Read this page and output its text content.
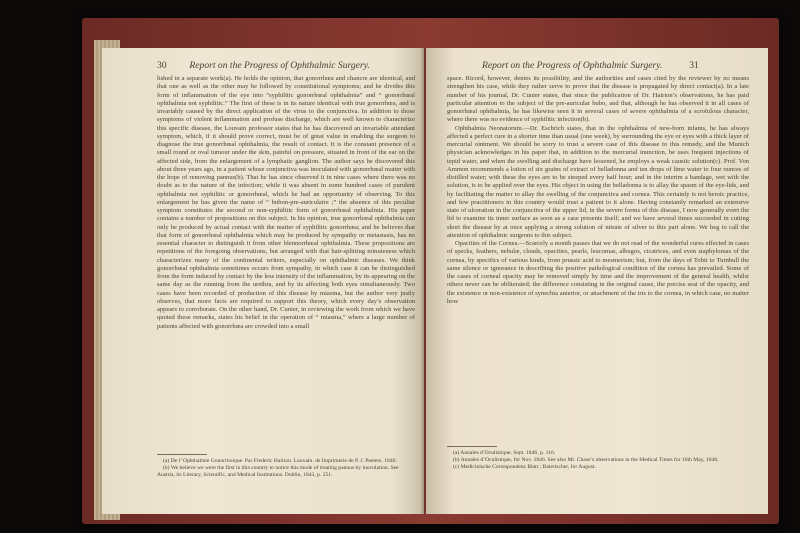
30 Report on the Progress of Ophthalmic Surgery.

lished in a separate work(a). He holds the opinion, that gonorrhœa and chancre are identical, and that one as well as the other may be followed by constitutional symptoms; and he divides this form of inflammation of the eye into “syphilitic gonorrhœal ophthalmia” and “ gonorrhœal ophthalmia not syphilitic.” The first of these is in its nature identical with true gonorrhœa, and is invariably caused by the direct application of the virus to the conjunctiva. In addition to those symptoms of violent inflammation and profuse discharge, which are well known to characterize this specific disease, the Louvain professor states that he has discovered an invariable attendant symptom, which, if it should prove correct, must be of great value in enabling the surgeon to diagnose the true gonorrhœal ophthalmia, the result of contact. It is the constant presence of a small round or oval tumour under the skin, painful on pressure, situated in front of the ear on the affected side, from the enlargement of a lymphatic ganglion. The author says he discovered this about three years ago, in a patient whose conjunctiva was inoculated with gonorrhœal matter with the hope of removing pannus(b). That he has since observed it in nine cases where there was no doubt as to the nature of the infection; while it was absent in some hundred cases of purulent ophthalmia not syphilitic or gonorrhœal, which he had an opportunity of observing. To this enlargement he has given the name of “ bubon-pre-auriculaire ;” the absence of this peculiar symptom constitutes the second or non-syphilitic form of gonorrhœal ophthalmia. His paper contains a number of propositions on this subject. In his opinion, true gonorrhœal ophthalmia can only be produced by actual contact with the matter of syphilitic gonorrhœa; and he believes that that form of gonorrhœal ophthalmia which may be produced by sympathy or metastasis, has no essential character to distinguish it from other blennorrhœal ophthalmia. These propositions are repetitions of the foregoing observations, but arranged with that hair-splitting minuteness which characterizes many of the continental writers, especially on ophthalmic diseases. We think gonorrhœal ophthalmia sometimes occurs from sympathy, in which case it can be distinguished from the form induced by contact by the less intensity of the inflammation, by its appearing on the same day as the running from the urethra, and by its affecting both eyes simultaneously. Two cases have been recorded of production of this disease by miasma, but the author very justly observes, that more facts are required to support this theory, which every day’s observation appears to corroborate. On the other hand, Dr. Cunier, in reviewing the work from which we have quoted these remarks, states his belief in the operation of “ miasma,” where a large number of patients affected with gonorrhœa are crowded into a small

(a) De l’ Ophthalmie Gonorrhoique. Par Frederic Hairion. Louvain. de Imprimerie de P. J. Peeters. 1846.
(b) We believe we were the first in this country to notice this mode of treating pannus by inoculation. See Austria, its Literary, Scientific, and Medical Institutions. Dublin, 1843, p. 251.
Report on the Progress of Ophthalmic Surgery.	31

space. Ricord, however, denies its possibility, and the authorities and cases cited by the reviewer by no means strengthen his case, while they rather serve to prove that the disease is propagated by direct contact(a). In a late number of his journal, Dr. Cunier states, that since the publication of Dr. Hairion’s observations, he has paid particular attention to the subject of the pre-auricular bubo, and that, although he has observed it in all cases of gonorrhœal ophthalmia, he has likewise seen it in several cases of severe ophthalmia of a scrofulous character, where there was no evidence of syphilitic infection(b).

Ophthalmia Neonatorum.—Dr. Eschrich states, that in the ophthalmia of new-born infants, he has always affected a perfect cure in a shorter time than usual (one week), by surrounding the eye or eyes with a thick layer of mercurial ointment. We should be sorry to trust a severe case of this disease to this remedy, and the Munich physician acknowledges in his paper that, in addition to the mercurial inunction, he uses frequent injections of tepid water, and when the swelling and discharge have lessened, he employs a weak caustic solution(c). Prof. Von Ammon recommends a lotion of six grains of extract of belladonna and ten drops of lime water to four ounces of distilled water; with these the eyes are to be steeped every half hour; and in the interim a bandage, wet with the solution, is to be applied over the eyes. His object in using the belladonna is to allay the spasm of the eye-lids, and by facilitating the matter to allay the swelling of the conjunctiva and cornea. This certainly is not heroic practice, and few practitioners in this country would trust a patient to it alone. Having constantly remarked an extensive state of ulceration in the conjunctiva of the upper lid, in the severe forms of this disease, I now generally evert the lid to examine its inner surface as soon as a case presents itself; and we have several times succeeded in cutting short the disease by at once applying a strong solution of nitrate of silver to this part alone. We beg to call the attention of ophthalmic surgeons to this subject.

Opacities of the Cornea.—Scarcely a month passes that we do not read of the wonderful cures effected in cases of specks, feathers, nebulæ, clouds, opacities, pearls, leucomas, albugos, cicatrices, and even staphylomas of the cornea, by specifics of various kinds, from prussic acid to mesmerism; but, from the days of Tobit to Turnbull the same silence or ignorance in describing the positive pathological condition of the cornea has prevailed. Some of the cases of corneal opacity may be removed simply by time and the improvement of the general health, whilst others never can be obliterated; the difference consisting in the original cause, the precise seat of the opacity, and the existence or non-existence of synechia anterior, or attachment of the iris to the cornea, in which case, no matter how

(a) Annales d’Oculistique. Sept. 1846, p. 116.
(b) Annales d’Oculistique, for Nov. 1846. See also Mr. Chase’s observations in the Medical Times for 16th May, 1846.
(c) Medicinische Correspondenz Blatt ; Baierischer, for August.
